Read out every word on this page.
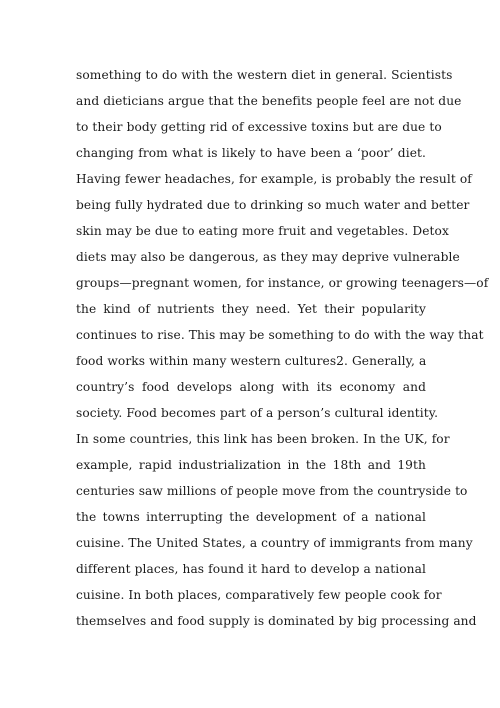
something to do with the western diet in general. Scientists
and dieticians argue that the benefits people feel are not due
to their body getting rid of excessive toxins but are due to
changing from what is likely to have been a ‘poor’ diet.
Having fewer headaches, for example, is probably the result of
being fully hydrated due to drinking so much water and better
skin may be due to eating more fruit and vegetables. Detox
diets may also be dangerous, as they may deprive vulnerable
groups—pregnant women, for instance, or growing teenagers—of
the kind of nutrients they need. Yet their popularity
continues to rise. This may be something to do with the way that
food works within many western cultures2. Generally, a
country’s food develops along with its economy and
society. Food becomes part of a person’s cultural identity.
In some countries, this link has been broken. In the UK, for
example, rapid industrialization in the 18th and 19th
centuries saw millions of people move from the countryside to
the towns interrupting the development of a national
cuisine. The United States, a country of immigrants from many
different places, has found it hard to develop a national
cuisine. In both places, comparatively few people cook for
themselves and food supply is dominated by big processing and
